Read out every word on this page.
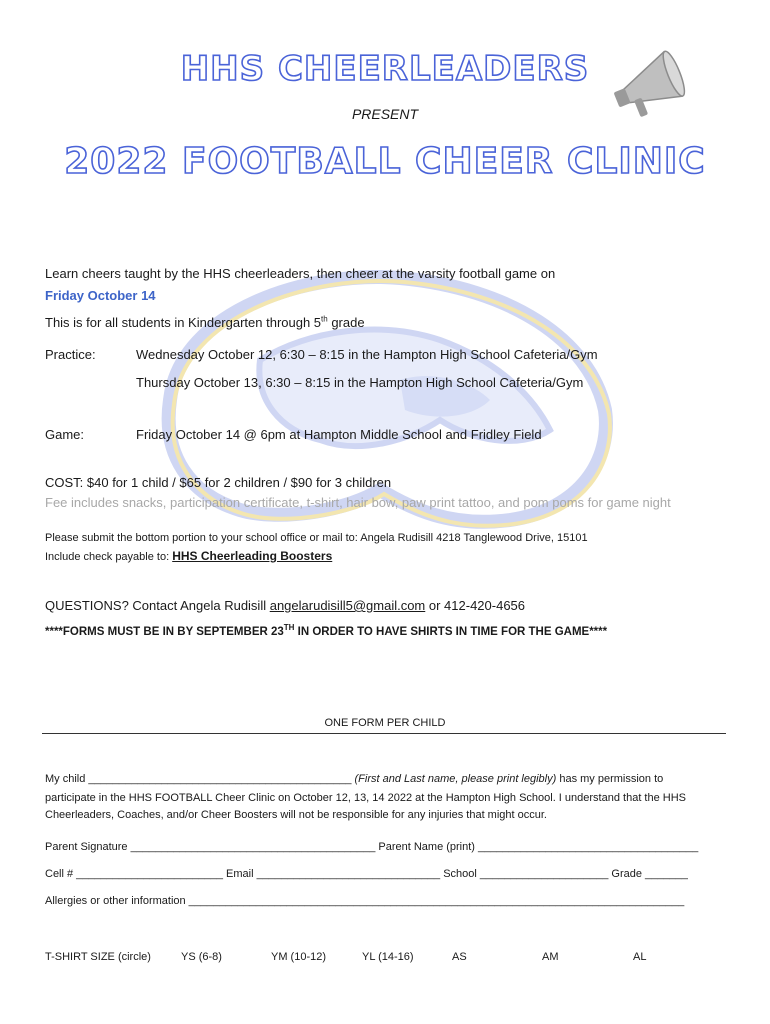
HHS CHEERLEADERS
PRESENT
2022 FOOTBALL CHEER CLINIC
Learn cheers taught by the HHS cheerleaders, then cheer at the varsity football game on
Friday October 14
This is for all students in Kindergarten through 5th grade
Practice:	Wednesday October 12, 6:30 – 8:15 in the Hampton High School Cafeteria/Gym
Thursday October 13, 6:30 – 8:15 in the Hampton High School Cafeteria/Gym
Game:	Friday October 14 @ 6pm at Hampton Middle School and Fridley Field
COST: $40 for 1 child / $65 for 2 children / $90 for 3 children
Fee includes snacks, participation certificate, t-shirt, hair bow, paw print tattoo, and pom poms for game night
Please submit the bottom portion to your school office or mail to: Angela Rudisill 4218 Tanglewood Drive, 15101
Include check payable to: HHS Cheerleading Boosters
QUESTIONS? Contact Angela Rudisill angelarudisill5@gmail.com or 412-420-4656
****FORMS MUST BE IN BY SEPTEMBER 23TH IN ORDER TO HAVE SHIRTS IN TIME FOR THE GAME****
ONE FORM PER CHILD
My child ___________________________________________ (First and Last name, please print legibly) has my permission to
participate in the HHS FOOTBALL Cheer Clinic on October 12, 13, 14 2022 at the Hampton High School. I understand that the HHS
Cheerleaders, Coaches, and/or Cheer Boosters will not be responsible for any injuries that might occur.
Parent Signature ________________________________________ Parent Name (print) ____________________________________
Cell # ________________________ Email ______________________________ School _____________________ Grade _______
Allergies or other information _________________________________________________________________________________
T-SHIRT SIZE (circle)	YS (6-8)	YM (10-12)	YL (14-16)	AS	AM	AL
